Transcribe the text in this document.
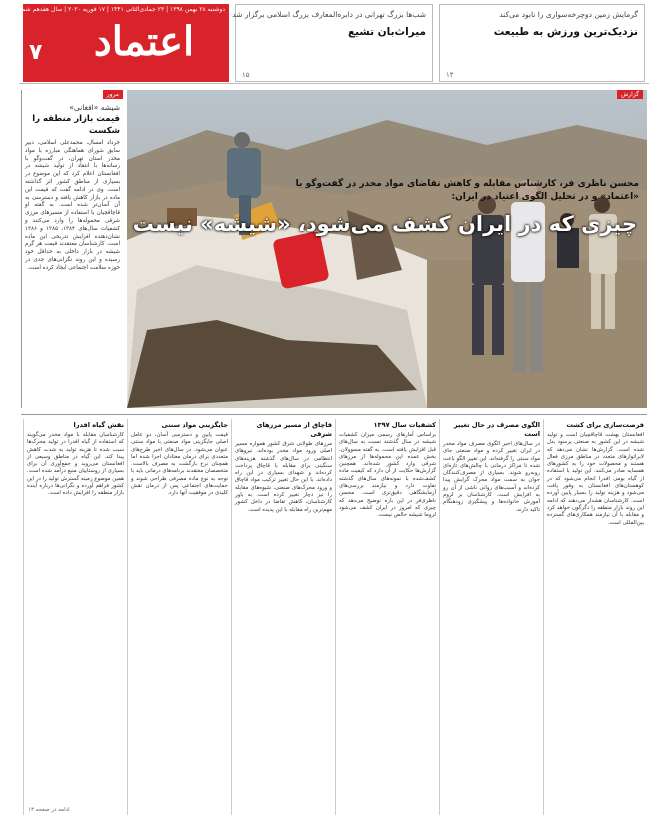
دوشنبه ۲۸ بهمن ۱۳۹۸ | ۲۳ جمادی‌الثانی ۱۴۴۱ | ۱۷ فوریه ۲۰۲۰ | سال هفدهم شماره ۴۵۸۸
اعتماد
۷
شب‌ها بزرگ تهرانی در دایره‌المعارف بزرگ اسلامی برگزار شد
میراث‌بان تشیع
۱۵
گرمایش زمین دوچرخه‌سواری را نابود می‌کند
نزدیک‌ترین ورزش به طبیعت
۱۴
مرور
شیشه «افغانی»
قیمت بازار منطقه را شکست
خرداد امسال، محمدعلی اسلامی، دبیر سابق شورای هماهنگی مبارزه با مواد مخدر استان تهران، در گفت‌وگو با رسانه‌ها با انتقاد از تولید شیشه در افغانستان اعلام کرد که این موضوع در بسیاری از مناطق کشور اثر گذاشته است. وی در ادامه گفت که قیمت این ماده در بازار کاهش یافته و دسترسی به آن آسان‌تر شده است. به گفته او قاچاقچیان با استفاده از مسیرهای مرزی شرقی محموله‌ها را وارد می‌کنند و کشفیات سال‌های ۱۳۸۴، ۱۳۸۵ و ۱۳۸۶ نشان‌دهنده افزایش تدریجی این ماده است. کارشناسان معتقدند قیمت هر گرم شیشه در بازار داخلی به حداقل خود رسیده و این روند نگرانی‌های جدی در حوزه سلامت اجتماعی ایجاد کرده است.
گزارش
محسن ناظری فر، کارشناس مقابله و کاهش تقاضای مواد مخدر در گفت‌وگو با «اعتماد» و در تحلیل الگوی اعتیاد در ایران:
چیزی که در ایران کشف می‌شود، «شیشه» نیست
فرصت‌سازی برای کشت
افغانستان بهشت قاچاقچیان است و تولید شیشه در این کشور به صنعتی پرسود بدل شده است. گزارش‌ها نشان می‌دهد که لابراتوارهای متعدد در مناطق مرزی فعال هستند و محصولات خود را به کشورهای همسایه صادر می‌کنند. این تولید با استفاده از گیاه بومی افدرا انجام می‌شود که در کوهستان‌های افغانستان به وفور یافت می‌شود و هزینه تولید را بسیار پایین آورده است. کارشناسان هشدار می‌دهند که ادامه این روند بازار منطقه را دگرگون خواهد کرد و مقابله با آن نیازمند همکاری‌های گسترده بین‌المللی است.
الگوی مصرف در حال تغییر است
در سال‌های اخیر الگوی مصرف مواد مخدر در ایران تغییر کرده و مواد صنعتی جای مواد سنتی را گرفته‌اند. این تغییر الگو باعث شده تا مراکز درمانی با چالش‌های تازه‌ای روبه‌رو شوند. بسیاری از مصرف‌کنندگان جوان به سمت مواد محرک گرایش پیدا کرده‌اند و آسیب‌های روانی ناشی از آن رو به افزایش است. کارشناسان بر لزوم آموزش خانواده‌ها و پیشگیری زودهنگام تاکید دارند.
کشفیات سال ۱۳۹۷
براساس آمارهای رسمی میزان کشفیات شیشه در سال گذشته نسبت به سال‌های قبل افزایش یافته است. به گفته مسوولان، بخش عمده این محموله‌ها از مرزهای شرقی وارد کشور شده‌اند. همچنین گزارش‌ها حکایت از آن دارد که کیفیت ماده کشف‌شده با نمونه‌های سال‌های گذشته تفاوت دارد و نیازمند بررسی‌های آزمایشگاهی دقیق‌تری است. محسن ناظری‌فر در این باره توضیح می‌دهد که چیزی که امروز در ایران کشف می‌شود لزوما شیشه خالص نیست.
قاچاق از مسیر مرزهای شرقی
مرزهای طولانی شرق کشور همواره مسیر اصلی ورود مواد مخدر بوده‌اند. نیروهای انتظامی در سال‌های گذشته هزینه‌های سنگینی برای مقابله با قاچاق پرداخت کرده‌اند و شهدای بسیاری در این راه داده‌اند. با این حال تغییر ترکیب مواد قاچاق و ورود محرک‌های صنعتی، شیوه‌های مقابله را نیز دچار تغییر کرده است. به باور کارشناسان، کاهش تقاضا در داخل کشور مهم‌ترین راه مقابله با این پدیده است.
جایگزینی مواد سنتی
قیمت پایین و دسترسی آسان، دو عامل اصلی جایگزینی مواد صنعتی با مواد سنتی عنوان می‌شود. در سال‌های اخیر طرح‌های متعددی برای درمان معتادان اجرا شده اما همچنان نرخ بازگشت به مصرف بالاست. متخصصان معتقدند برنامه‌های درمانی باید با توجه به نوع ماده مصرفی طراحی شوند و حمایت‌های اجتماعی پس از درمان نقش کلیدی در موفقیت آنها دارد.
نقش گیاه افدرا
کارشناسان مقابله با مواد مخدر می‌گویند که استفاده از گیاه افدرا در تولید محرک‌ها سبب شده تا هزینه تولید به شدت کاهش پیدا کند. این گیاه در مناطق وسیعی از افغانستان می‌روید و جمع‌آوری آن برای بسیاری از روستاییان منبع درآمد شده است. همین موضوع زمینه گسترش تولید را در این کشور فراهم آورده و نگرانی‌ها درباره آینده بازار منطقه را افزایش داده است.
ادامه در صفحه ۱۳
